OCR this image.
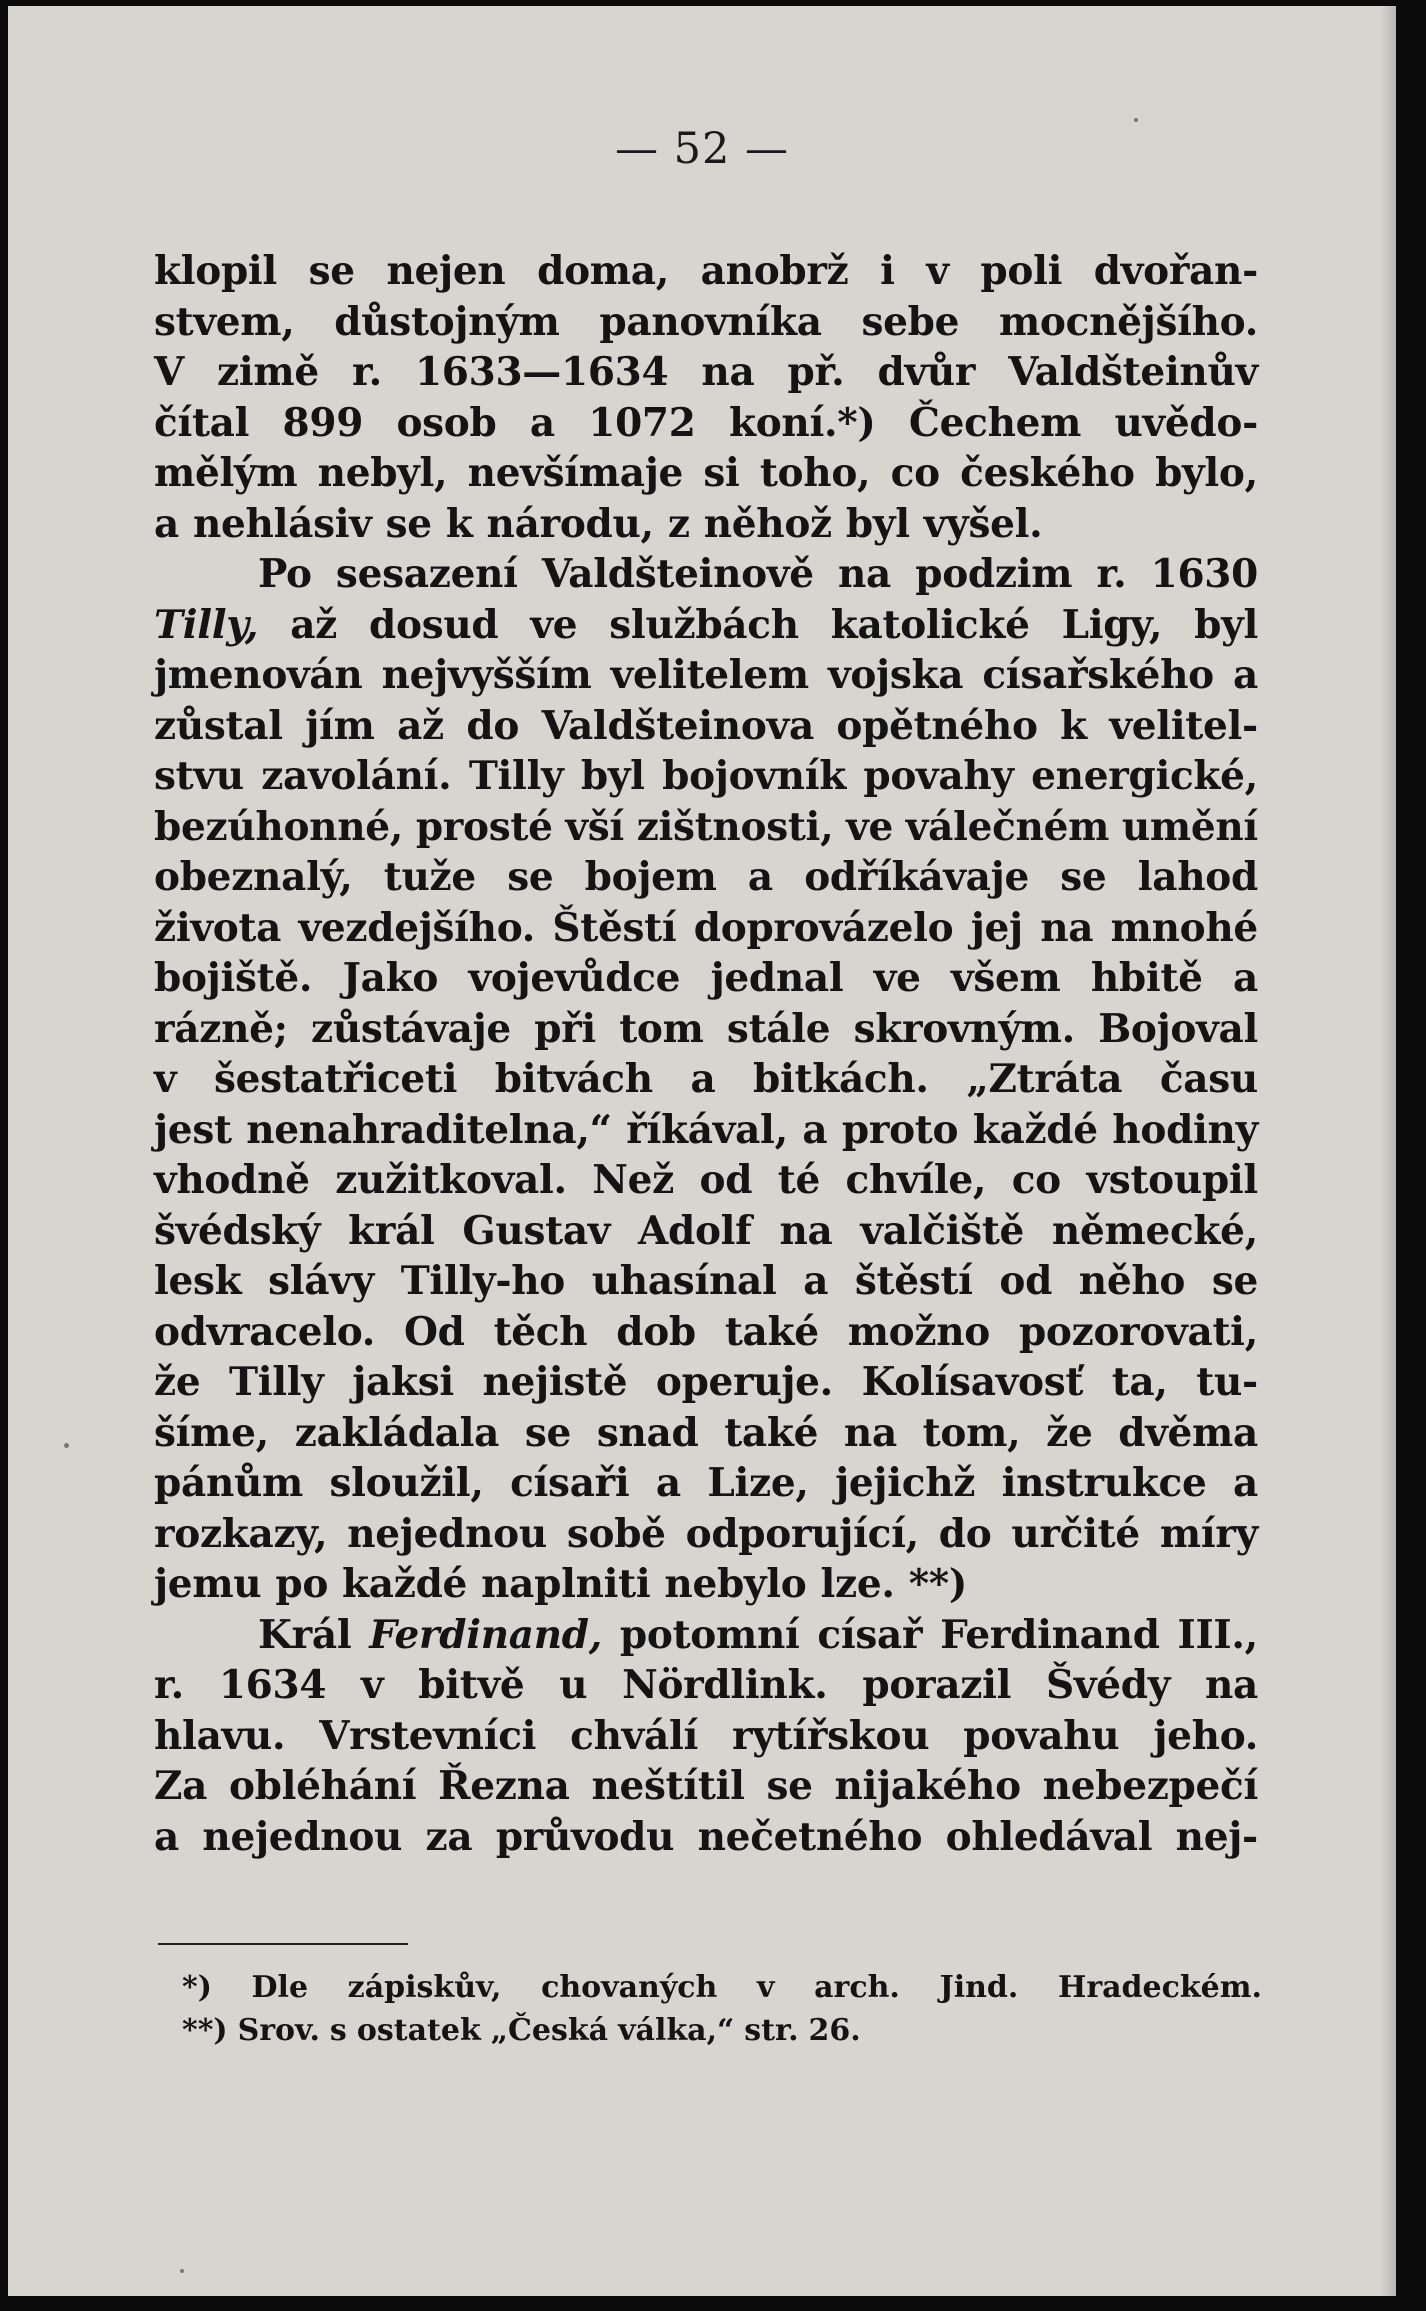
— 52 —
klopil se nejen doma, anobrž i v poli dvořan-
stvem, důstojným panovníka sebe mocnějšího.
V zimě r. 1633—1634 na př. dvůr Valdšteinův
čítal 899 osob a 1072 koní.*) Čechem uvědo-
mělým nebyl, nevšímaje si toho, co českého bylo,
a nehlásiv se k národu, z něhož byl vyšel.
Po sesazení Valdšteinově na podzim r. 1630
Tilly, až dosud ve službách katolické Ligy, byl
jmenován nejvyšším velitelem vojska císařského a
zůstal jím až do Valdšteinova opětného k velitel-
stvu zavolání. Tilly byl bojovník povahy energické,
bezúhonné, prosté vší zištnosti, ve válečném umění
obeznalý, tuže se bojem a odříkávaje se lahod
života vezdejšího. Štěstí doprovázelo jej na mnohé
bojiště. Jako vojevůdce jednal ve všem hbitě a
rázně; zůstávaje při tom stále skrovným. Bojoval
v šestatřiceti bitvách a bitkách. „Ztráta času
jest nenahraditelna,“ říkával, a proto každé hodiny
vhodně zužitkoval. Než od té chvíle, co vstoupil
švédský král Gustav Adolf na valčiště německé,
lesk slávy Tilly-ho uhasínal a štěstí od něho se
odvracelo. Od těch dob také možno pozorovati,
že Tilly jaksi nejistě operuje. Kolísavosť ta, tu-
šíme, zakládala se snad také na tom, že dvěma
pánům sloužil, císaři a Lize, jejichž instrukce a
rozkazy, nejednou sobě odporující, do určité míry
jemu po každé naplniti nebylo lze. **)
Král Ferdinand, potomní císař Ferdinand III.,
r. 1634 v bitvě u Nördlink. porazil Švédy na
hlavu. Vrstevníci chválí rytířskou povahu jeho.
Za obléhání Řezna neštítil se nijakého nebezpečí
a nejednou za průvodu nečetného ohledával nej-
*) Dle zápiskův, chovaných v arch. Jind. Hradeckém.
**) Srov. s ostatek „Česká válka,“ str. 26.
